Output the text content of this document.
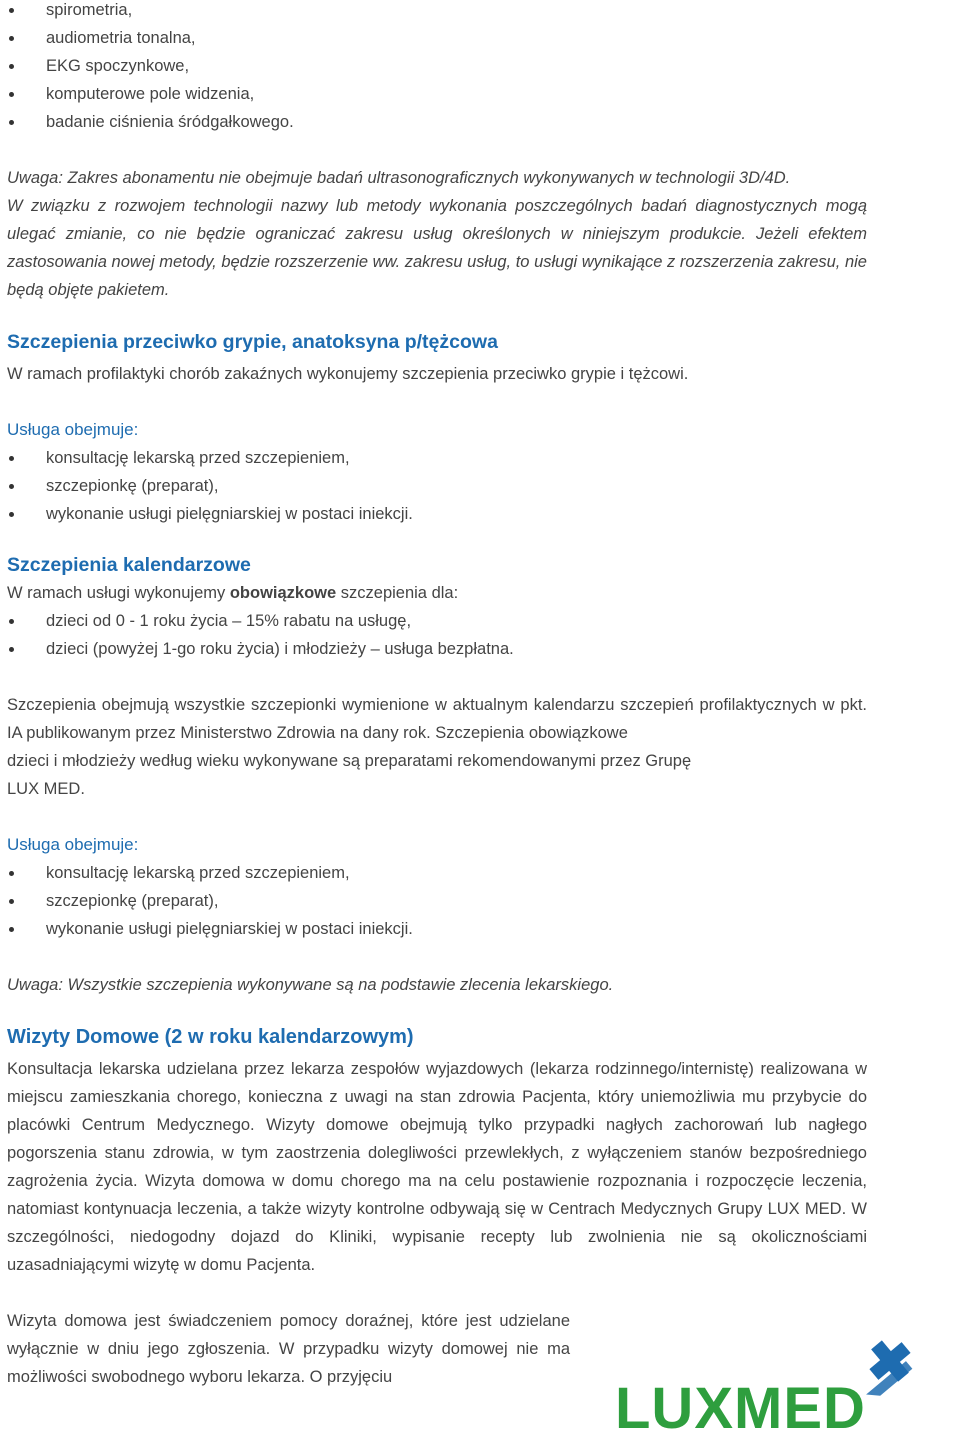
spirometria,
audiometria tonalna,
EKG spoczynkowe,
komputerowe pole widzenia,
badanie ciśnienia śródgałkowego.

Uwaga: Zakres abonamentu nie obejmuje badań ultrasonograficznych wykonywanych w technologii 3D/4D.

W związku z rozwojem technologii nazwy lub metody wykonania poszczególnych badań diagnostycznych mogą ulegać zmianie, co nie będzie ograniczać zakresu usług określonych w niniejszym produkcie. Jeżeli efektem zastosowania nowej metody, będzie rozszerzenie ww. zakresu usług, to usługi wynikające z rozszerzenia zakresu, nie będą objęte pakietem.

Szczepienia przeciwko grypie, anatoksyna p/tężcowa

W ramach profilaktyki chorób zakaźnych wykonujemy szczepienia przeciwko grypie i tężcowi.

Usługa obejmuje:

konsultację lekarską przed szczepieniem,
szczepionkę (preparat),
wykonanie usługi pielęgniarskiej w postaci iniekcji.
Szczepienia kalendarzowe

W ramach usługi wykonujemy obowiązkowe szczepienia dla:

dzieci od 0 - 1 roku życia – 15% rabatu na usługę,
dzieci (powyżej 1-go roku życia) i młodzieży – usługa bezpłatna.

Szczepienia obejmują wszystkie szczepionki wymienione w aktualnym kalendarzu szczepień profilaktycznych w pkt. IA publikowanym przez Ministerstwo Zdrowia na dany rok. Szczepienia obowiązkowe

dzieci i młodzieży według wieku wykonywane są preparatami rekomendowanymi przez Grupę

LUX MED.

Usługa obejmuje:

konsultację lekarską przed szczepieniem,
szczepionkę (preparat),
wykonanie usługi pielęgniarskiej w postaci iniekcji.

Uwaga: Wszystkie szczepienia wykonywane są na podstawie zlecenia lekarskiego.

Wizyty Domowe (2 w roku kalendarzowym)

Konsultacja lekarska udzielana przez lekarza zespołów wyjazdowych (lekarza rodzinnego/internistę) realizowana w miejscu zamieszkania chorego, konieczna z uwagi na stan zdrowia Pacjenta, który uniemożliwia mu przybycie do placówki Centrum Medycznego. Wizyty domowe obejmują tylko przypadki nagłych zachorowań lub nagłego pogorszenia stanu zdrowia, w tym zaostrzenia dolegliwości przewlekłych, z wyłączeniem stanów bezpośredniego zagrożenia życia. Wizyta domowa w domu chorego ma na celu postawienie rozpoznania i rozpoczęcie leczenia, natomiast kontynuacja leczenia, a także wizyty kontrolne odbywają się w Centrach Medycznych Grupy LUX MED. W szczególności, niedogodny dojazd do Kliniki, wypisanie recepty lub zwolnienia nie są okolicznościami uzasadniającymi wizytę w domu Pacjenta.

Wizyta domowa jest świadczeniem pomocy doraźnej, które jest udzielane wyłącznie w dniu jego zgłoszenia. W przypadku wizyty domowej nie ma możliwości swobodnego wyboru lekarza. O przyjęciu	LUXMED
